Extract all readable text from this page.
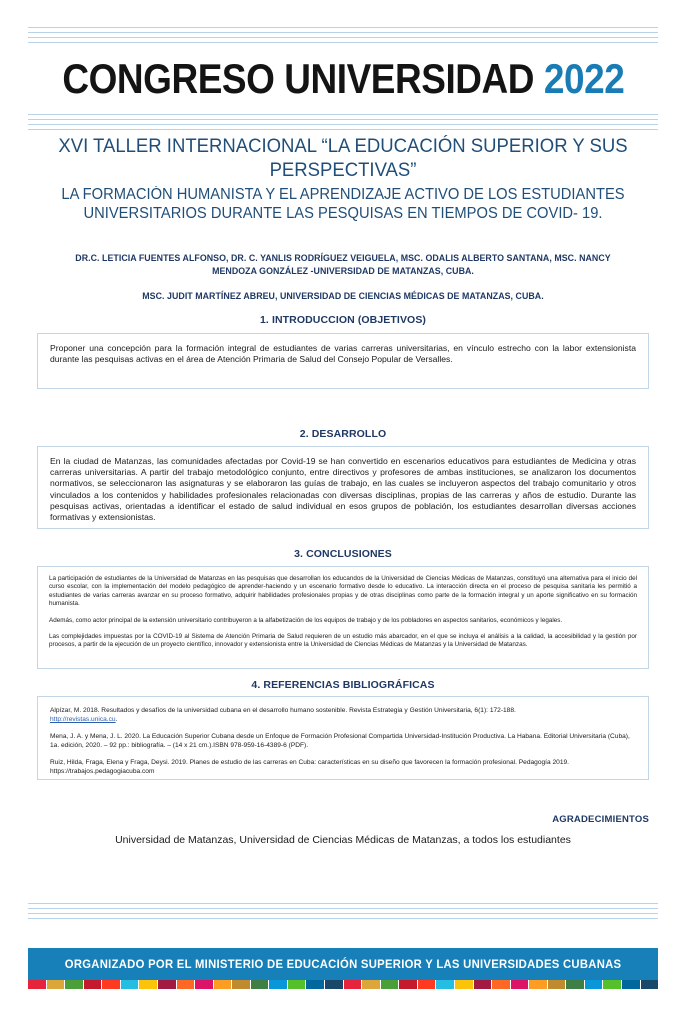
CONGRESO UNIVERSIDAD 2022
XVI TALLER INTERNACIONAL “LA EDUCACIÓN SUPERIOR Y SUS PERSPECTIVAS”
LA FORMACIÓN HUMANISTA Y EL APRENDIZAJE ACTIVO DE LOS ESTUDIANTES UNIVERSITARIOS DURANTE LAS PESQUISAS EN TIEMPOS DE COVID- 19.
DR.C. LETICIA FUENTES ALFONSO, DR. C. YANLIS RODRÍGUEZ VEIGUELA, MSC. ODALIS ALBERTO SANTANA, MSC. NANCY MENDOZA GONZÁLEZ -UNIVERSIDAD DE MATANZAS, CUBA.
MSC. JUDIT MARTÍNEZ ABREU, UNIVERSIDAD DE CIENCIAS MÉDICAS DE MATANZAS, CUBA.
1. INTRODUCCION (OBJETIVOS)

Proponer una concepción para la formación integral de estudiantes de varias carreras universitarias, en vínculo estrecho con la labor extensionista durante las pesquisas activas en el área de Atención Primaria de Salud del Consejo Popular de Versalles.

2. DESARROLLO

En la ciudad de Matanzas, las comunidades afectadas por Covid-19 se han convertido en escenarios educativos para estudiantes de Medicina y otras carreras universitarias. A partir del trabajo metodológico conjunto, entre directivos y profesores de ambas instituciones, se analizaron los documentos normativos, se seleccionaron las asignaturas y se elaboraron las guías de trabajo, en las cuales se incluyeron aspectos del trabajo comunitario y otros vinculados a los contenidos y habilidades profesionales relacionadas con diversas disciplinas, propias de las carreras y años de estudio. Durante las pesquisas activas, orientadas a identificar el estado de salud individual en esos grupos de población, los estudiantes desarrollan diversas acciones formativas y extensionistas.

3. CONCLUSIONES

La participación de estudiantes de la Universidad de Matanzas en las pesquisas que desarrollan los educandos de la Universidad de Ciencias Médicas de Matanzas, constituyó una alternativa para el inicio del curso escolar, con la implementación del modelo pedagógico de aprender-haciendo y un escenario formativo desde lo educativo. La interacción directa en el proceso de pesquisa sanitaria les permitió a estudiantes de varias carreras avanzar en su proceso formativo, adquirir habilidades profesionales propias y de otras disciplinas como parte de la formación integral y un aporte significativo en su formación humanista.

Además, como actor principal de la extensión universitario contribuyeron a la alfabetización de los equipos de trabajo y de los pobladores en aspectos sanitarios, económicos y legales.

Las complejidades impuestas por la COVID-19 al Sistema de Atención Primaria de Salud requieren de un estudio más abarcador, en el que se incluya el análisis a la calidad, la accesibilidad y la gestión por procesos, a partir de la ejecución de un proyecto científico, innovador y extensionista entre la Universidad de Ciencias Médicas de Matanzas y la Universidad de Matanzas.

4. REFERENCIAS BIBLIOGRÁFICAS

Alpízar, M. 2018. Resultados y desafíos de la universidad cubana en el desarrollo humano sostenible. Revista Estrategia y Gestión Universitaria, 6(1): 172-188.
http://revistas.unica.cu.

Mena, J. A. y Mena, J. L. 2020. La Educación Superior Cubana desde un Enfoque de Formación Profesional Compartida Universidad-Institución Productiva. La Habana. Editorial Universitaria (Cuba), 1a. edición, 2020. – 92 pp.: bibliografía. – (14 x 21 cm.).ISBN 978-959-16-4389-6 (PDF).

Ruiz, Hilda, Fraga, Elena y Fraga, Deysi. 2019. Planes de estudio de las carreras en Cuba: características en su diseño que favorecen la formación profesional. Pedagogía 2019.
https://trabajos.pedagogiacuba.com

AGRADECIMIENTOS
Universidad de Matanzas, Universidad de Ciencias Médicas de Matanzas, a todos los estudiantes
ORGANIZADO POR EL MINISTERIO DE EDUCACIÓN SUPERIOR Y LAS UNIVERSIDADES CUBANAS
